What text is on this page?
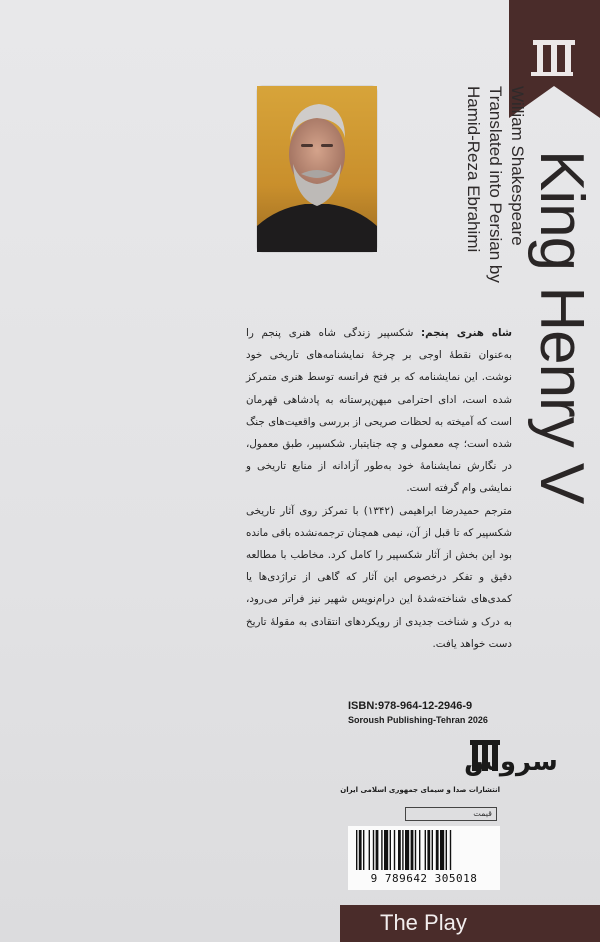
King Henry V
William Shakespeare
Translated into Persian by
Hamid-Reza Ebrahimi

شاه هنری پنجم: شکسپیر زندگی شاه هنری پنجم را به‌عنوان نقطهٔ اوجی بر چرخهٔ نمایشنامه‌های تاریخی خود نوشت. این نمایشنامه که بر فتح فرانسه توسط هنری متمرکز شده است، ادای احترامی میهن‌پرستانه به پادشاهی قهرمان است که آمیخته به لحظات صریحی از بررسی واقعیت‌های جنگ شده است؛ چه معمولی و چه جنایتبار. شکسپیر، طبق معمول، در نگارش نمایشنامهٔ خود به‌طور آزادانه از منابع تاریخی و نمایشی وام گرفته است.

مترجم حمیدرضا ابراهیمی (۱۳۴۲) با تمرکز روی آثار تاریخی شکسپیر که تا قبل از آن، نیمی همچنان ترجمه‌نشده باقی مانده بود این بخش از آثار شکسپیر را کامل کرد. مخاطب با مطالعه دقیق و تفکر درخصوص این آثار که گاهی از تراژدی‌ها یا کمدی‌های شناخته‌شدهٔ این درام‌نویس شهیر نیز فراتر می‌رود، به درک و شناخت جدیدی از رویکردهای انتقادی به مقولهٔ تاریخ دست خواهد یافت.

ISBN:978-964-12-2946-9
Soroush Publishing-Tehran 2026
سروش
انتشارات صدا و سیمای جمهوری اسلامی ایران
قیمت
9 789642 305018
The Play
